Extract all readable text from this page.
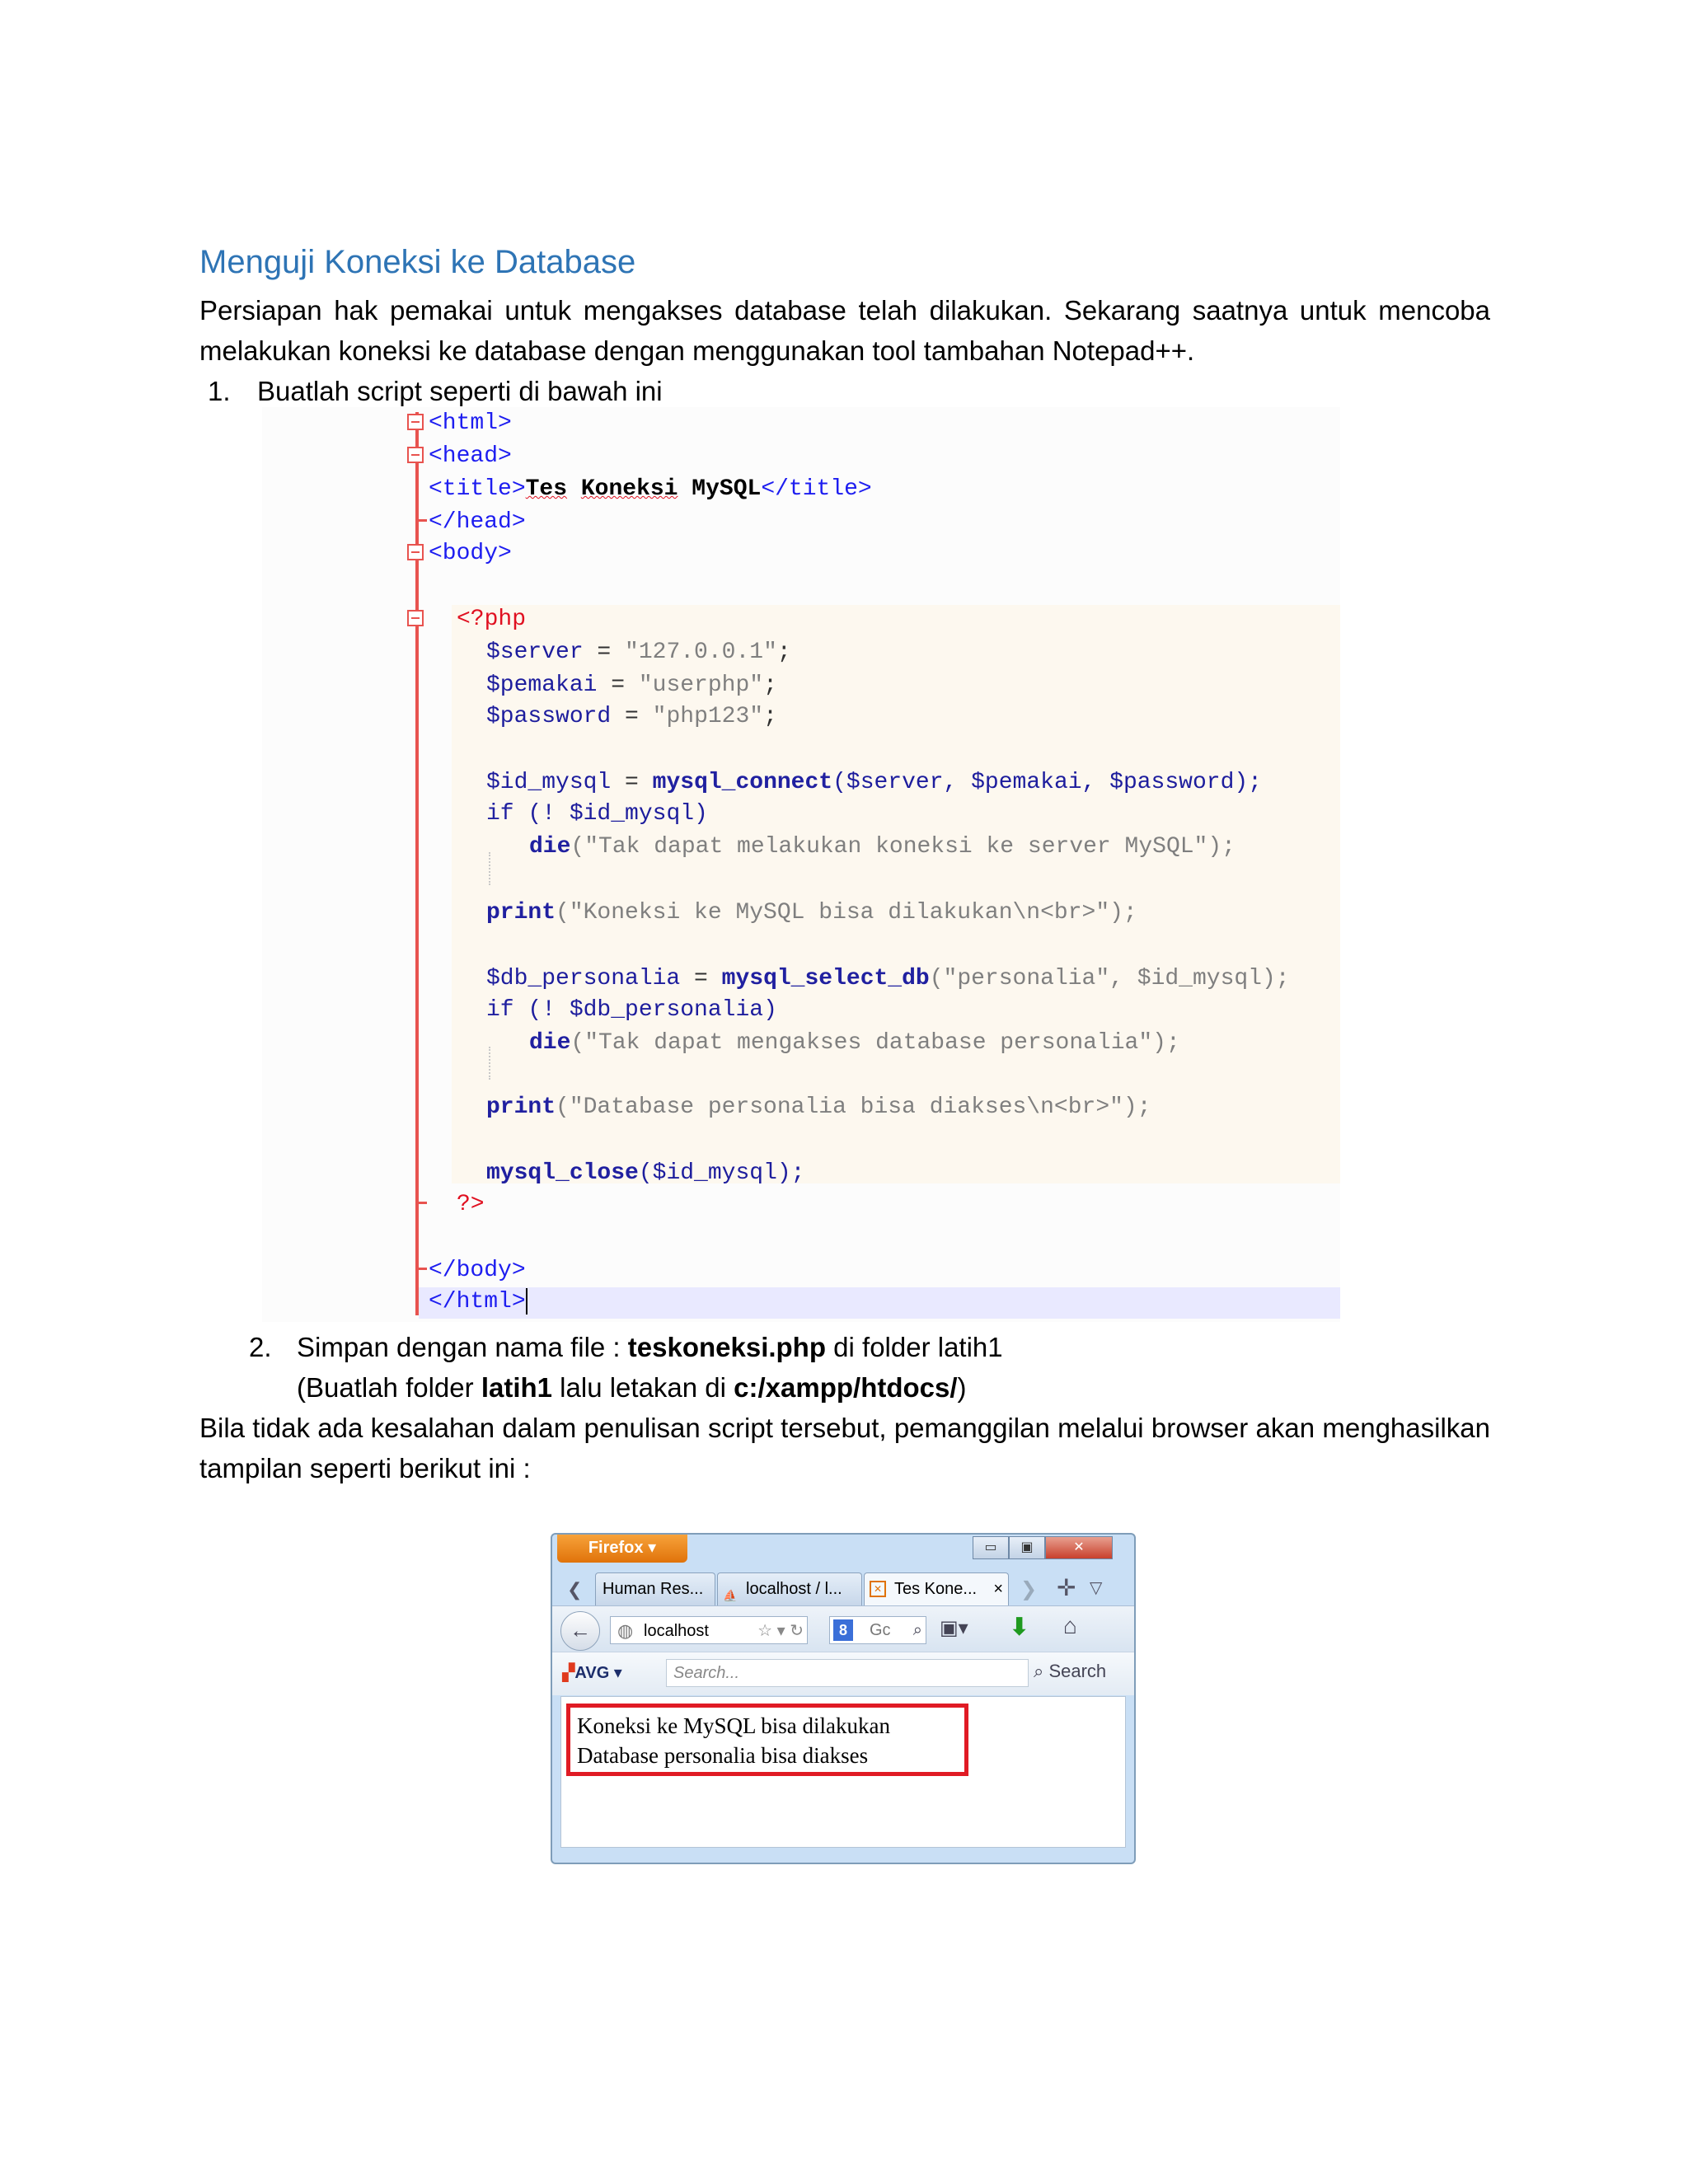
Menguji Koneksi ke Database
Persiapan hak pemakai untuk mengakses database telah dilakukan. Sekarang saatnya untuk mencoba melakukan koneksi ke database dengan menggunakan tool tambahan Notepad++.
1. Buatlah script seperti di bawah ini
<html>
<head>
<title>Tes Koneksi MySQL</title>
</head>
<body>
<?php
$server = "127.0.0.1";
$pemakai = "userphp";
$password = "php123";
$id_mysql = mysql_connect($server, $pemakai, $password);
if (! $id_mysql)
die("Tak dapat melakukan koneksi ke server MySQL");
print("Koneksi ke MySQL bisa dilakukan\n<br>");
$db_personalia = mysql_select_db("personalia", $id_mysql);
if (! $db_personalia)
die("Tak dapat mengakses database personalia");
print("Database personalia bisa diakses\n<br>");
mysql_close($id_mysql);
?>
</body>
</html>
2. Simpan dengan nama file : teskoneksi.php di folder latih1
(Buatlah folder latih1 lalu letakan di c:/xampp/htdocs/)
Bila tidak ada kesalahan dalam penulisan script tersebut, pemanggilan melalui browser akan menghasilkan tampilan seperti berikut ini :
Firefox ▾	▭	▣	✕
❮	Human Res...	⛵ localhost / l...	✕ Tes Kone... × ❯ ✛ ▽
←	◍ localhost	☆ ▾ ↻	8	Gc ⌕ ▣▾ ⬇ ⌂
▞AVG ▾	Search...	⌕ Search
Koneksi ke MySQL bisa dilakukan
Database personalia bisa diakses
